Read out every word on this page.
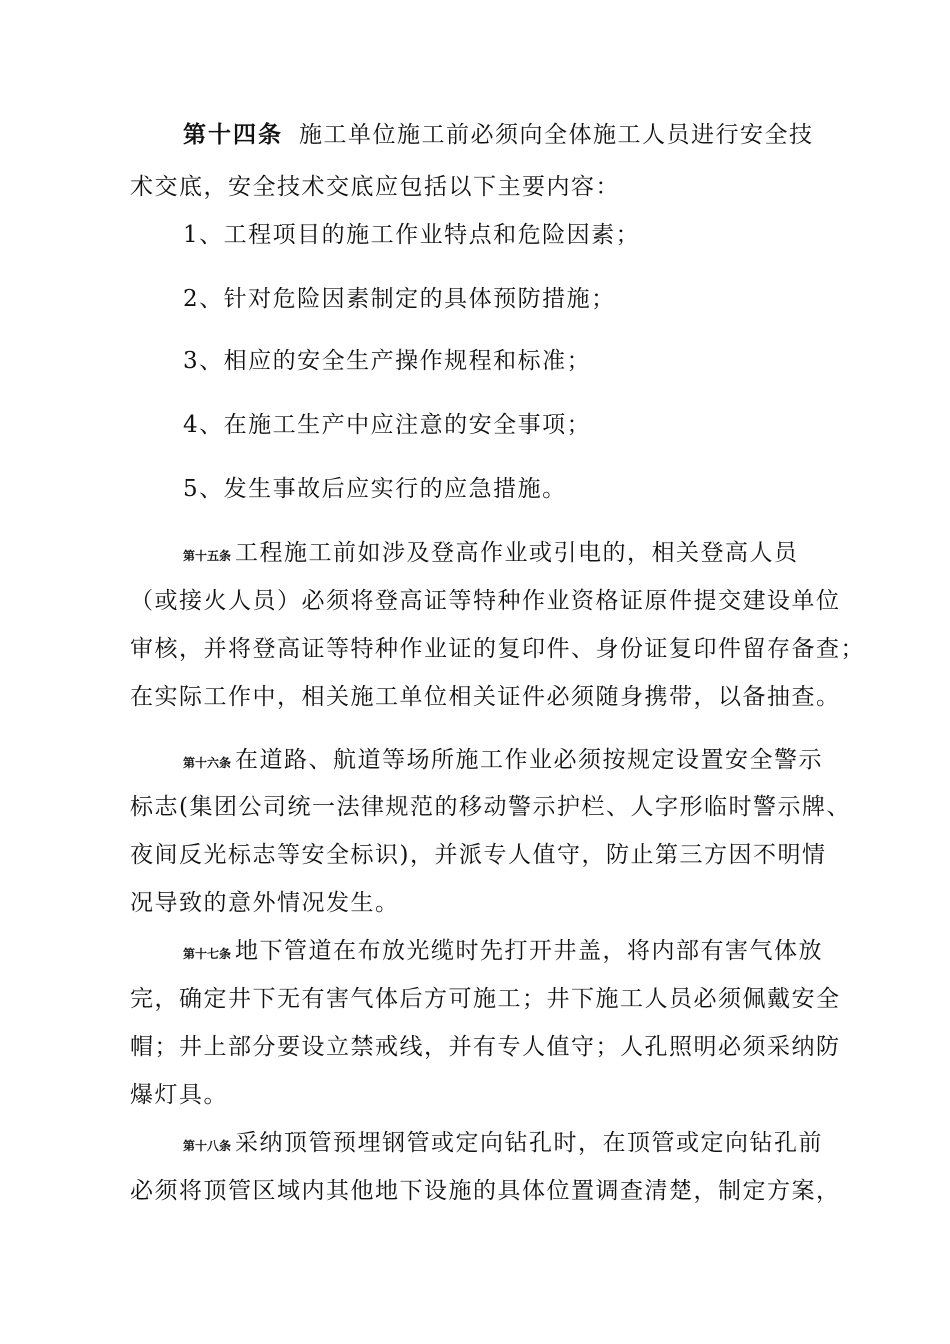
第十四条 施工单位施工前必须向全体施工人员进行安全技
术交底，安全技术交底应包括以下主要内容：
1、工程项目的施工作业特点和危险因素；
2、针对危险因素制定的具体预防措施；
3、相应的安全生产操作规程和标准；
4、在施工生产中应注意的安全事项；
5、发生事故后应实行的应急措施。
第十五条 工程施工前如涉及登高作业或引电的，相关登高人员
（或接火人员）必须将登高证等特种作业资格证原件提交建设单位
审核，并将登高证等特种作业证的复印件、身份证复印件留存备查；
在实际工作中，相关施工单位相关证件必须随身携带，以备抽查。
第十六条 在道路、航道等场所施工作业必须按规定设置安全警示
标志(集团公司统一法律规范的移动警示护栏、人字形临时警示牌、
夜间反光标志等安全标识)，并派专人值守，防止第三方因不明情
况导致的意外情况发生。
第十七条 地下管道在布放光缆时先打开井盖，将内部有害气体放
完，确定井下无有害气体后方可施工；井下施工人员必须佩戴安全
帽；井上部分要设立禁戒线，并有专人值守；人孔照明必须采纳防
爆灯具。
第十八条 采纳顶管预埋钢管或定向钻孔时，在顶管或定向钻孔前
必须将顶管区域内其他地下设施的具体位置调查清楚，制定方案，
